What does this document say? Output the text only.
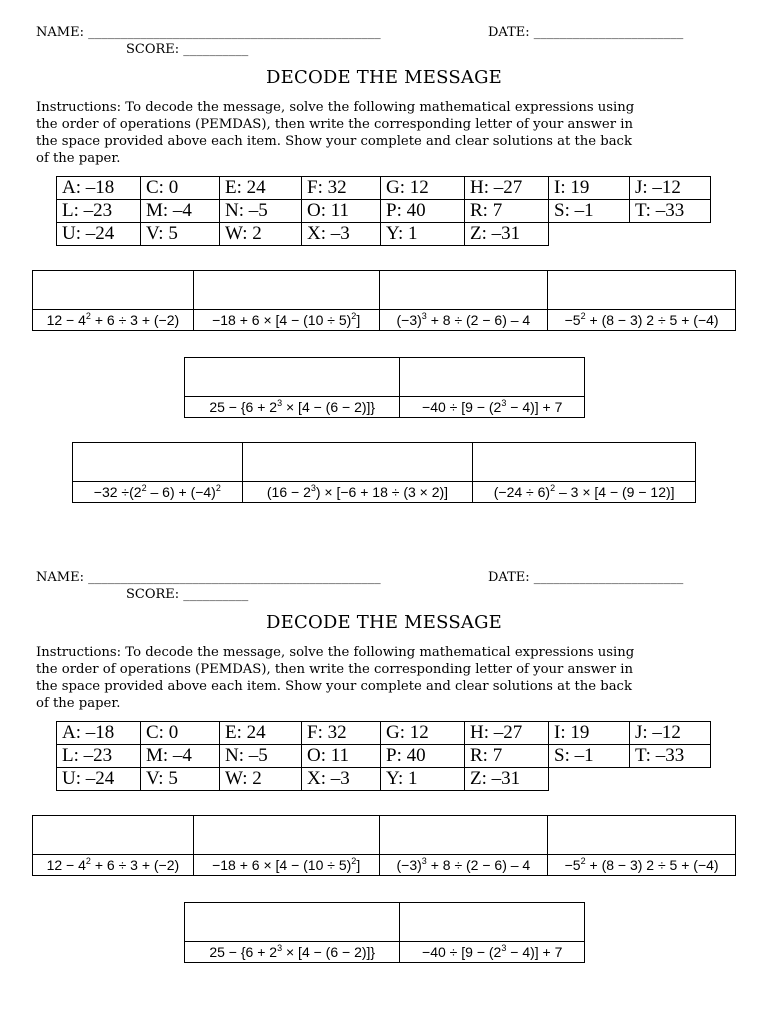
NAME: _____________________________________________	DATE: _______________________
SCORE: __________
DECODE THE MESSAGE
Instructions: To decode the message, solve the following mathematical expressions using
the order of operations (PEMDAS), then write the corresponding letter of your answer in
the space provided above each item. Show your complete and clear solutions at the back
of the paper.
A: –18	C: 0	E: 24	F: 32	G: 12	H: –27	I: 19	J: –12
L: –23	M: –4	N: –5	O: 11	P: 40	R: 7	S: –1	T: –33
U: –24	V: 5	W: 2	X: –3	Y: 1	Z: –31		

$12 - 4^2 + 6 \div 3 + (-2)$	$-18 + 6 \times [4 - (10 \div 5)^2]$	$(-3)^3 + 8 \div (2 - 6) - 4$	$-5^2 + (8 - 3) 2 \div 5 + (-4)$

$25 - \{6 + 2^3 \times [4 - (6 - 2)]\}$	$-40 \div [9 - (2^3 - 4)] + 7$

$-32 \div(2^2 - 6) + (-4)^2$	$(16 - 2^3) \times [-6 + 18 \div (3 \times 2)]$	$(-24 \div 6)^2 - 3 \times [4 - (9 - 12)]$
NAME: _____________________________________________	DATE: _______________________
SCORE: __________
DECODE THE MESSAGE
Instructions: To decode the message, solve the following mathematical expressions using
the order of operations (PEMDAS), then write the corresponding letter of your answer in
the space provided above each item. Show your complete and clear solutions at the back
of the paper.
A: –18	C: 0	E: 24	F: 32	G: 12	H: –27	I: 19	J: –12
L: –23	M: –4	N: –5	O: 11	P: 40	R: 7	S: –1	T: –33
U: –24	V: 5	W: 2	X: –3	Y: 1	Z: –31		

$12 - 4^2 + 6 \div 3 + (-2)$	$-18 + 6 \times [4 - (10 \div 5)^2]$	$(-3)^3 + 8 \div (2 - 6) - 4$	$-5^2 + (8 - 3) 2 \div 5 + (-4)$

$25 - \{6 + 2^3 \times [4 - (6 - 2)]\}$	$-40 \div [9 - (2^3 - 4)] + 7$
